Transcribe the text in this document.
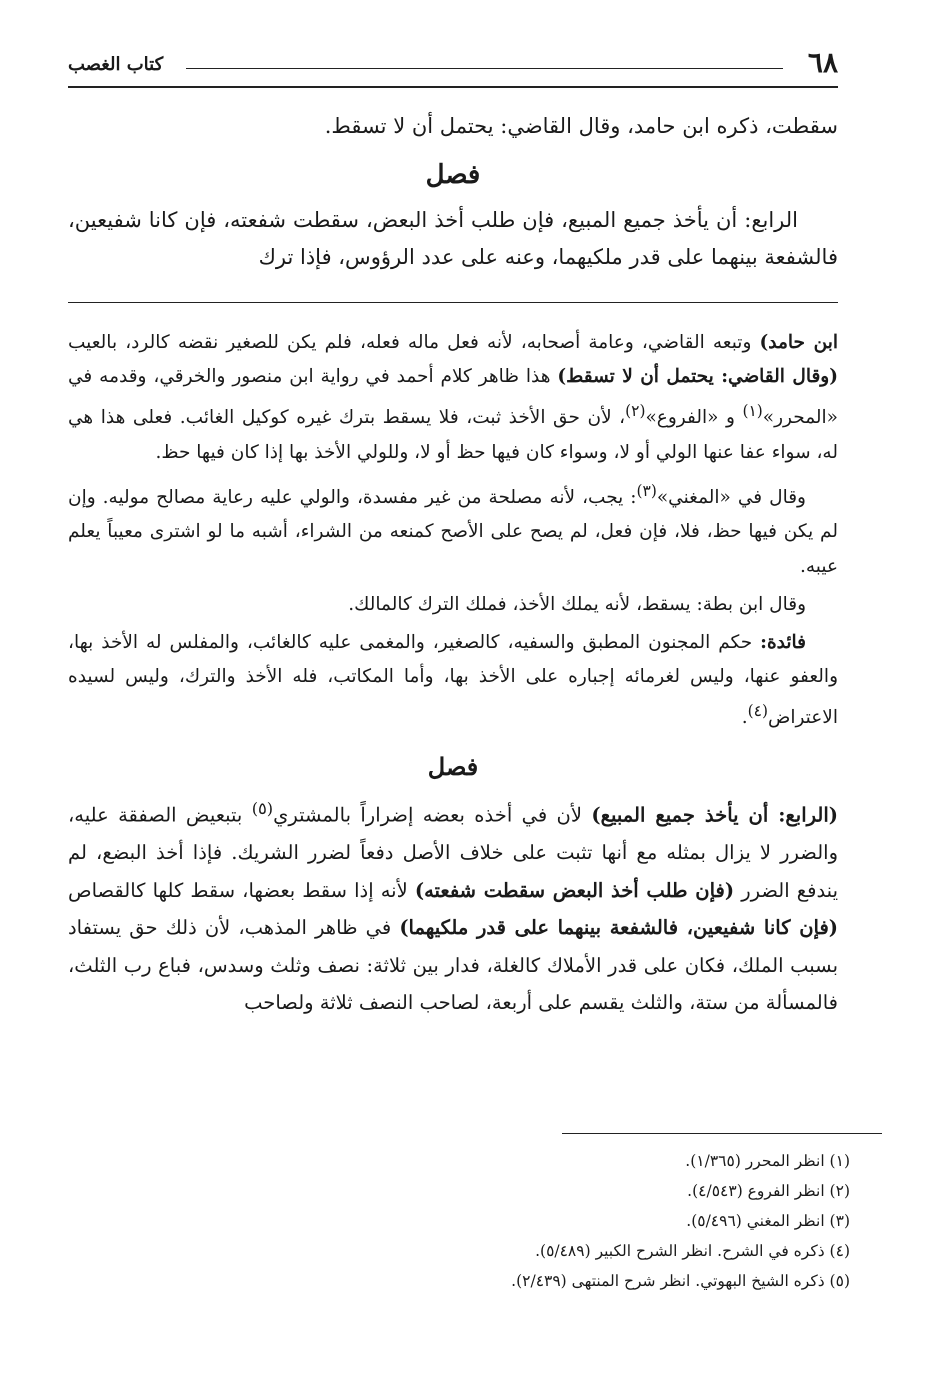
٦٨
كتاب الغصب

سقطت، ذكره ابن حامد، وقال القاضي: يحتمل أن لا تسقط.

فصل

الرابع: أن يأخذ جميع المبيع، فإن طلب أخذ البعض، سقطت شفعته، فإن كانا شفيعين، فالشفعة بينهما على قدر ملكيهما، وعنه على عدد الرؤوس، فإذا ترك

ابن حامد) وتبعه القاضي، وعامة أصحابه، لأنه فعل ماله فعله، فلم يكن للصغير نقضه كالرد، بالعيب (وقال القاضي: يحتمل أن لا تسقط) هذا ظاهر كلام أحمد في رواية ابن منصور والخرقي، وقدمه في «المحرر»$^{(١)}$ و «الفروع»$^{(٢)}$، لأن حق الأخذ ثبت، فلا يسقط بترك غيره كوكيل الغائب. فعلى هذا هي له، سواء عفا عنها الولي أو لا، وسواء كان فيها حظ أو لا، وللولي الأخذ بها إذا كان فيها حظ.

وقال في «المغني»$^{(٣)}$: يجب، لأنه مصلحة من غير مفسدة، والولي عليه رعاية مصالح موليه. وإن لم يكن فيها حظ، فلا، فإن فعل، لم يصح على الأصح كمنعه من الشراء، أشبه ما لو اشترى معيباً يعلم عيبه.

وقال ابن بطة: يسقط، لأنه يملك الأخذ، فملك الترك كالمالك.

فائدة: حكم المجنون المطبق والسفيه، كالصغير، والمغمى عليه كالغائب، والمفلس له الأخذ بها، والعفو عنها، وليس لغرمائه إجباره على الأخذ بها، وأما المكاتب، فله الأخذ والترك، وليس لسيده الاعتراض$^{(٤)}$.

فصل

(الرابع: أن يأخذ جميع المبيع) لأن في أخذه بعضه إضراراً بالمشتري$^{(٥)}$ بتبعيض الصفقة عليه، والضرر لا يزال بمثله مع أنها تثبت على خلاف الأصل دفعاً لضرر الشريك. فإذا أخذ البضع، لم يندفع الضرر (فإن طلب أخذ البعض سقطت شفعته) لأنه إذا سقط بعضها، سقط كلها كالقصاص (فإن كانا شفيعين، فالشفعة بينهما على قدر ملكيهما) في ظاهر المذهب، لأن ذلك حق يستفاد بسبب الملك، فكان على قدر الأملاك كالغلة، فدار بين ثلاثة: نصف وثلث وسدس، فباع رب الثلث، فالمسألة من ستة، والثلث يقسم على أربعة، لصاحب النصف ثلاثة ولصاحب

(١) انظر المحرر (١/٣٦٥).
(٢) انظر الفروع (٤/٥٤٣).
(٣) انظر المغني (٥/٤٩٦).
(٤) ذكره في الشرح. انظر الشرح الكبير (٥/٤٨٩).
(٥) ذكره الشيخ البهوتي. انظر شرح المنتهى (٢/٤٣٩).
